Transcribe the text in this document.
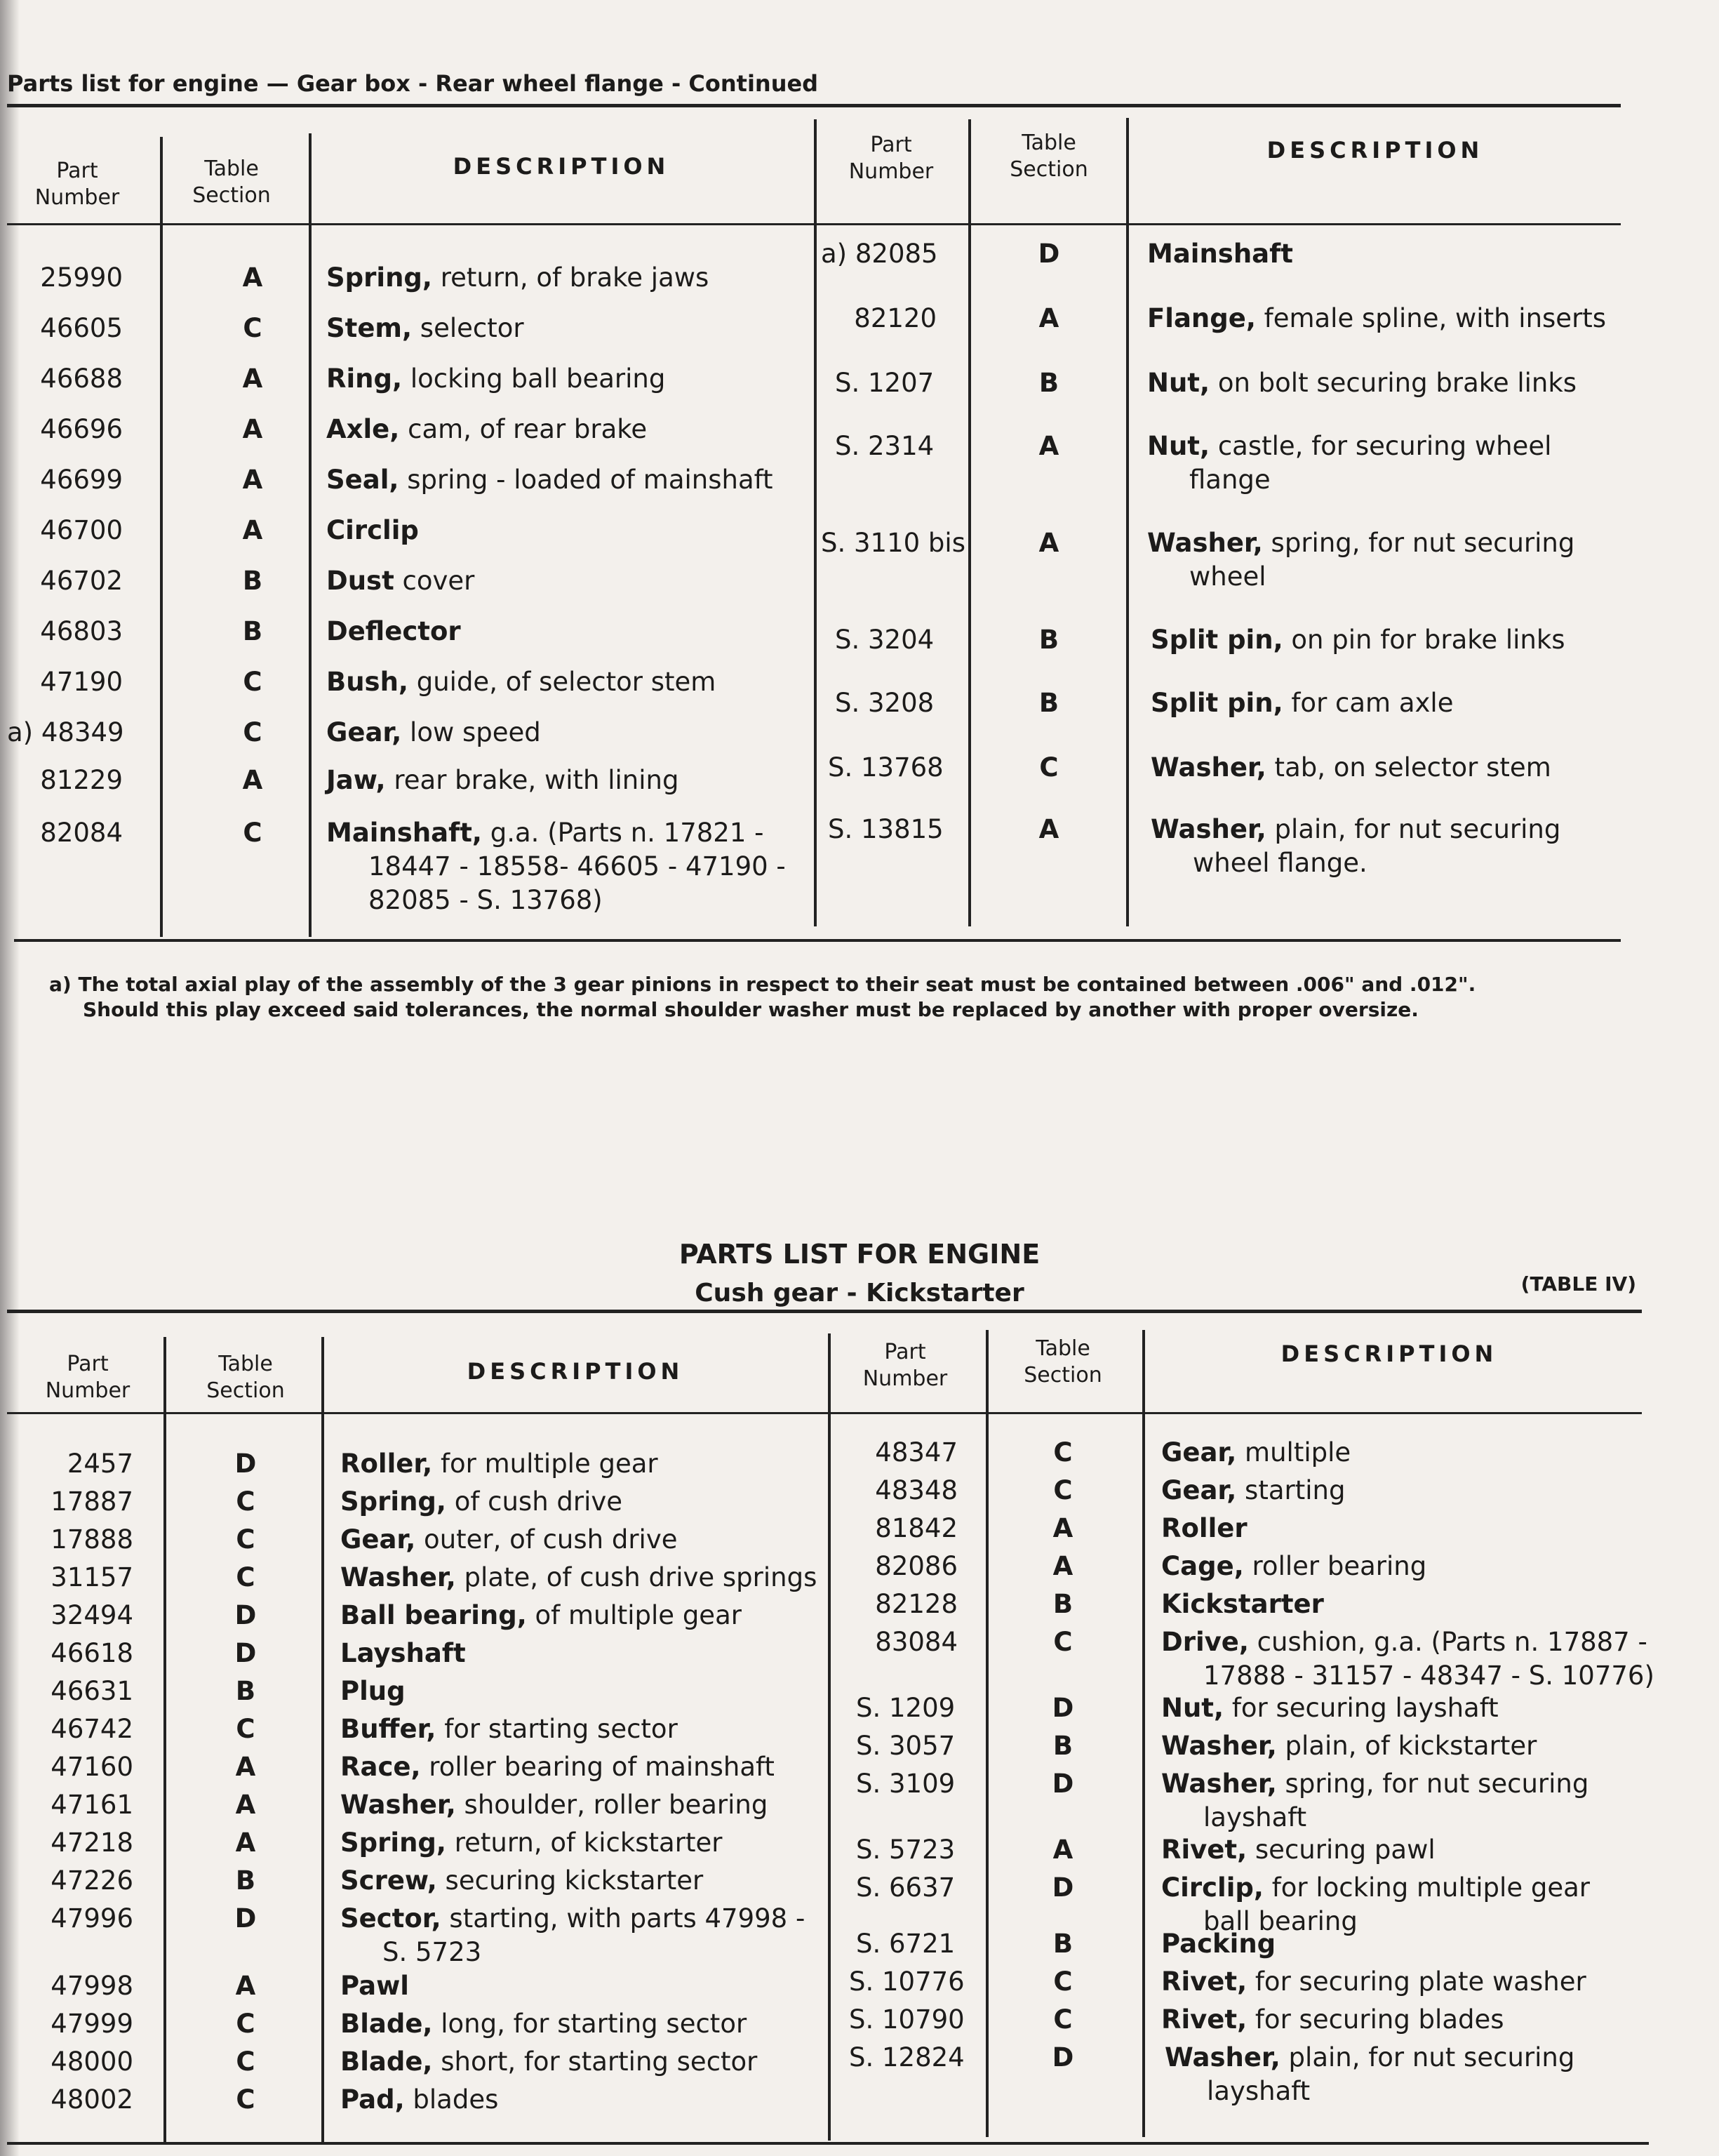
Parts list for engine — Gear box - Rear wheel flange - Continued
Part Number
Table Section
DESCRIPTION
Part Number
Table Section
DESCRIPTION
25990	A	Spring, return, of brake jaws
46605	C	Stem, selector
46688	A	Ring, locking ball bearing
46696	A	Axle, cam, of rear brake
46699	A	Seal, spring - loaded of mainshaft
46700	A	Circlip
46702	B	Dust cover
46803	B	Deflector
47190	C	Bush, guide, of selector stem
a) 48349	C	Gear, low speed
81229	A	Jaw, rear brake, with lining
82084	C	Mainshaft, g.a. (Parts n. 17821 -
18447 - 18558- 46605 - 47190 -
82085 - S. 13768)
a) 82085	D	Mainshaft
82120	A	Flange, female spline, with inserts
S. 1207	B	Nut, on bolt securing brake links
S. 2314	A	Nut, castle, for securing wheel
flange
S. 3110 bis	A	Washer, spring, for nut securing
wheel
S. 3204	B	Split pin, on pin for brake links
S. 3208	B	Split pin, for cam axle
S. 13768	C	Washer, tab, on selector stem
S. 13815	A	Washer, plain, for nut securing
wheel flange.
a) The total axial play of the assembly of the 3 gear pinions in respect to their seat must be contained between .006" and .012".
Should this play exceed said tolerances, the normal shoulder washer must be replaced by another with proper oversize.
PARTS LIST FOR ENGINE
Cush gear - Kickstarter	(TABLE IV)
Part Number
Table Section
DESCRIPTION
Part Number
Table Section
DESCRIPTION
2457	D	Roller, for multiple gear
17887	C	Spring, of cush drive
17888	C	Gear, outer, of cush drive
31157	C	Washer, plate, of cush drive springs
32494	D	Ball bearing, of multiple gear
46618	D	Layshaft
46631	B	Plug
46742	C	Buffer, for starting sector
47160	A	Race, roller bearing of mainshaft
47161	A	Washer, shoulder, roller bearing
47218	A	Spring, return, of kickstarter
47226	B	Screw, securing kickstarter
47996	D	Sector, starting, with parts 47998 -
S. 5723
47998	A	Pawl
47999	C	Blade, long, for starting sector
48000	C	Blade, short, for starting sector
48002	C	Pad, blades
48347	C	Gear, multiple
48348	C	Gear, starting
81842	A	Roller
82086	A	Cage, roller bearing
82128	B	Kickstarter
83084	C	Drive, cushion, g.a. (Parts n. 17887 -
17888 - 31157 - 48347 - S. 10776)
S. 1209	D	Nut, for securing layshaft
S. 3057	B	Washer, plain, of kickstarter
S. 3109	D	Washer, spring, for nut securing
layshaft
S. 5723	A	Rivet, securing pawl
S. 6637	D	Circlip, for locking multiple gear
ball bearing
S. 6721	B	Packing
S. 10776	C	Rivet, for securing plate washer
S. 10790	C	Rivet, for securing blades
S. 12824	D	Washer, plain, for nut securing
layshaft
